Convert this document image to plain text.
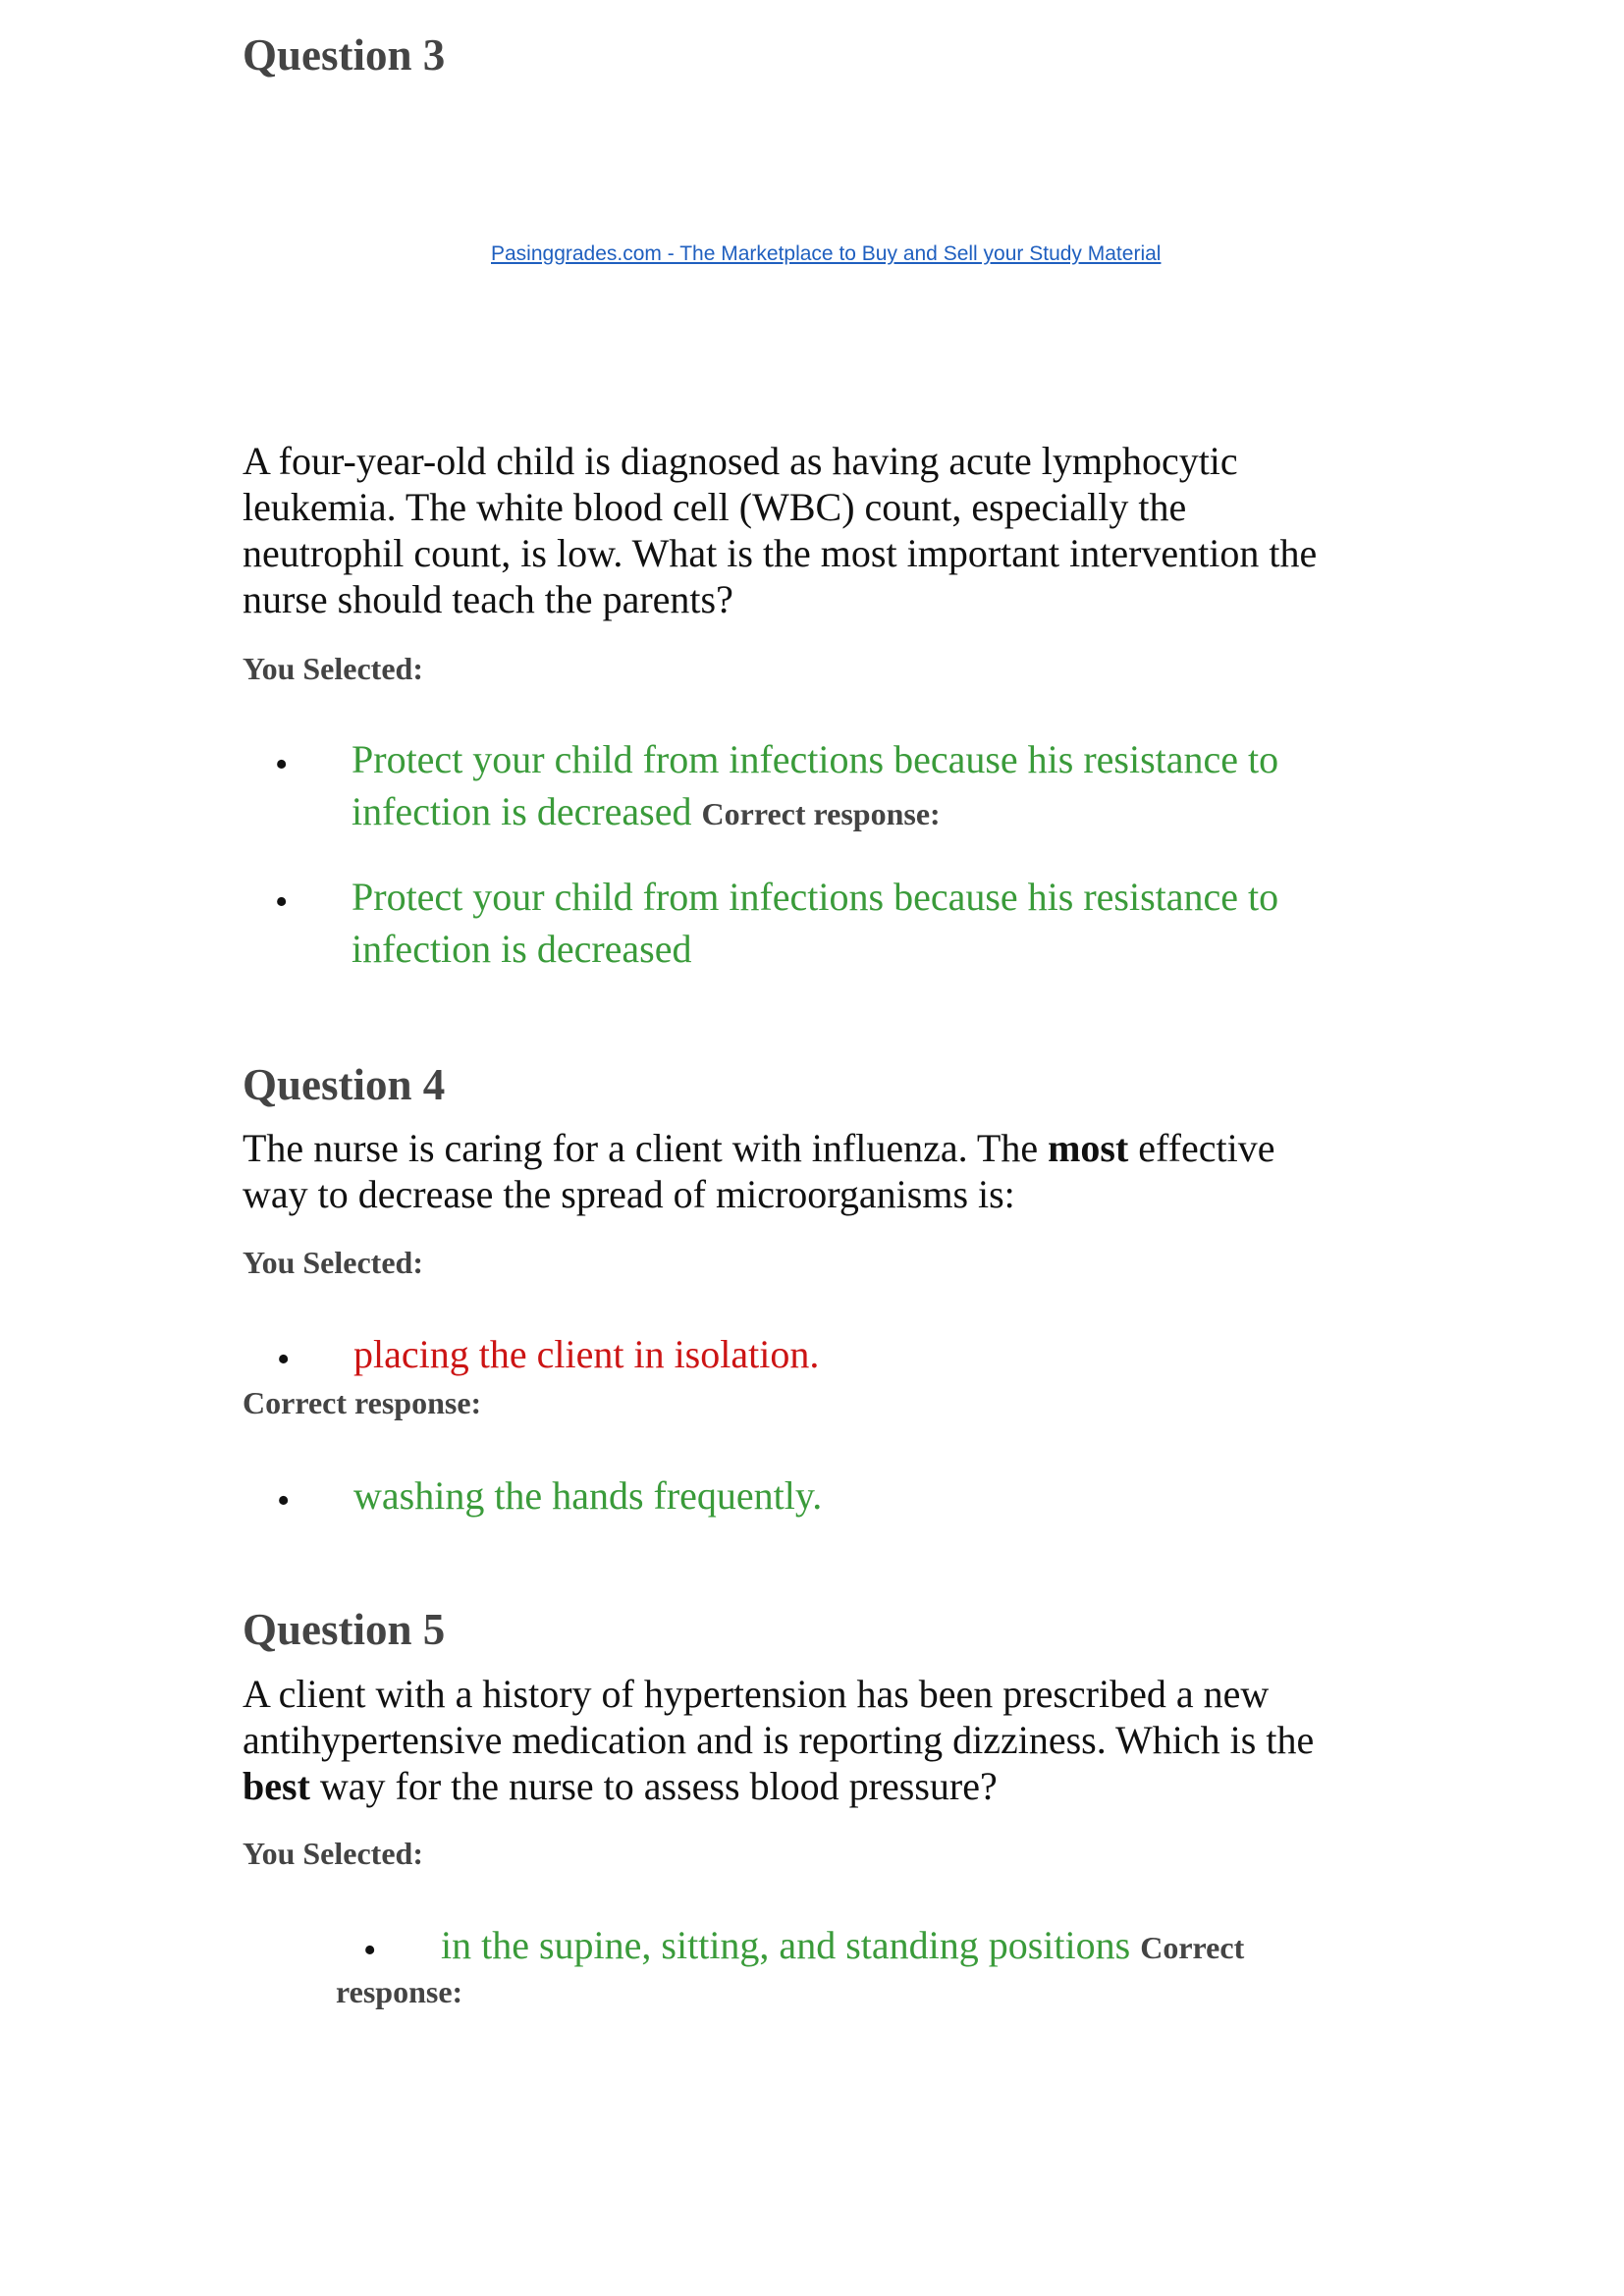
Question 3
Pasinggrades.com - The Marketplace to Buy and Sell your Study Material
A four-year-old child is diagnosed as having acute lymphocytic
leukemia. The white blood cell (WBC) count, especially the
neutrophil count, is low. What is the most important intervention the
nurse should teach the parents?
You Selected:
• Protect your child from infections because his resistance to
infection is decreased Correct response:
• Protect your child from infections because his resistance to
infection is decreased
Question 4
The nurse is caring for a client with influenza. The most effective
way to decrease the spread of microorganisms is:
You Selected:
• placing the client in isolation.
Correct response:
• washing the hands frequently.
Question 5
A client with a history of hypertension has been prescribed a new
antihypertensive medication and is reporting dizziness. Which is the
best way for the nurse to assess blood pressure?
You Selected:
• in the supine, sitting, and standing positions Correct
response:
